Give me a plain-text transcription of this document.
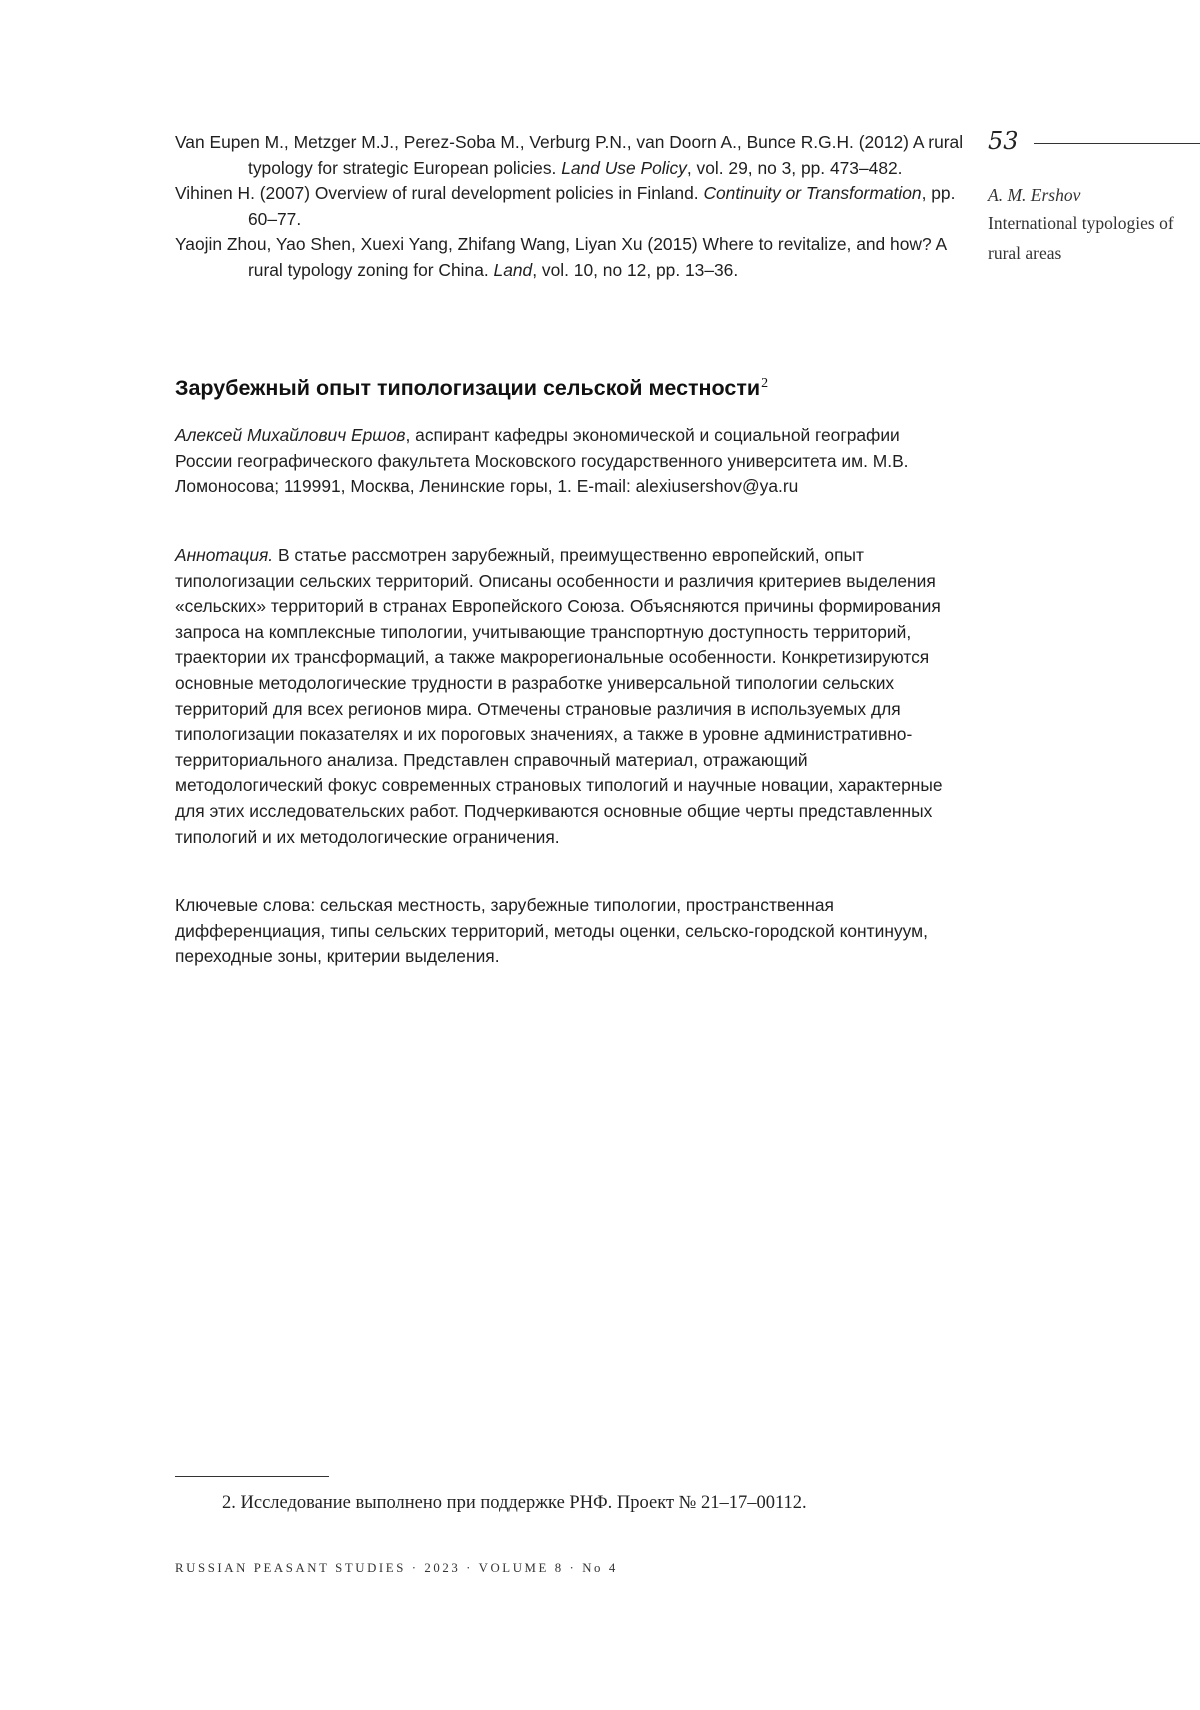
Van Eupen M., Metzger M.J., Perez-Soba M., Verburg P.N., van Doorn A., Bunce R.G.H. (2012) A rural typology for strategic European policies. Land Use Policy, vol. 29, no 3, pp. 473–482.

Vihinen H. (2007) Overview of rural development policies in Finland. Continuity or Transfor­mation, pp. 60–77.

Yaojin Zhou, Yao Shen, Xuexi Yang, Zhifang Wang, Liyan Xu (2015) Where to revitalize, and how? A rural typology zoning for China. Land, vol. 10, no 12, pp. 13–36.

53
A. M. Ershov
International typologies of rural areas
Зарубежный опыт типологизации сельской местности2

Алексей Михайлович Ершов, аспирант кафедры экономической и социальной географии России географического факультета Московского государственного университета им. М.В. Ломоносова; 119991, Москва, Ленинские горы, 1. E-mail: alexiusershov@ya.ru

Аннотация. В статье рассмотрен зарубежный, преимущественно европейский, опыт типологизации сельских территорий. Описаны особенности и различия критери­ев выделения «сельских» территорий в странах Европейского Союза. Объясняются причины формирования запроса на комплексные типологии, учитывающие транс­портную доступность территорий, траектории их трансформаций, а также макроре­гиональные особенности. Конкретизируются основные методологические трудно­сти в разработке универсальной типологии сельских территорий для всех регионов мира. Отмечены страновые различия в используемых для типологизации показа­телях и их пороговых значениях, а также в уровне административно-территориаль­ного анализа. Представлен справочный материал, отражающий методологический фокус современных страновых типологий и научные новации, характерные для этих исследовательских работ. Подчеркиваются основные общие черты представленных типологий и их методологические ограничения.

Ключевые слова: сельская местность, зарубежные типологии, пространственная дифференциация, типы сельских территорий, методы оценки, сельско-городской континуум, переходные зоны, критерии выделения.

2. Исследование выполнено при поддержке РНФ. Проект № 21–17–00112.

RUSSIAN PEASANT STUDIES · 2023 · VOLUME 8 · No 4
